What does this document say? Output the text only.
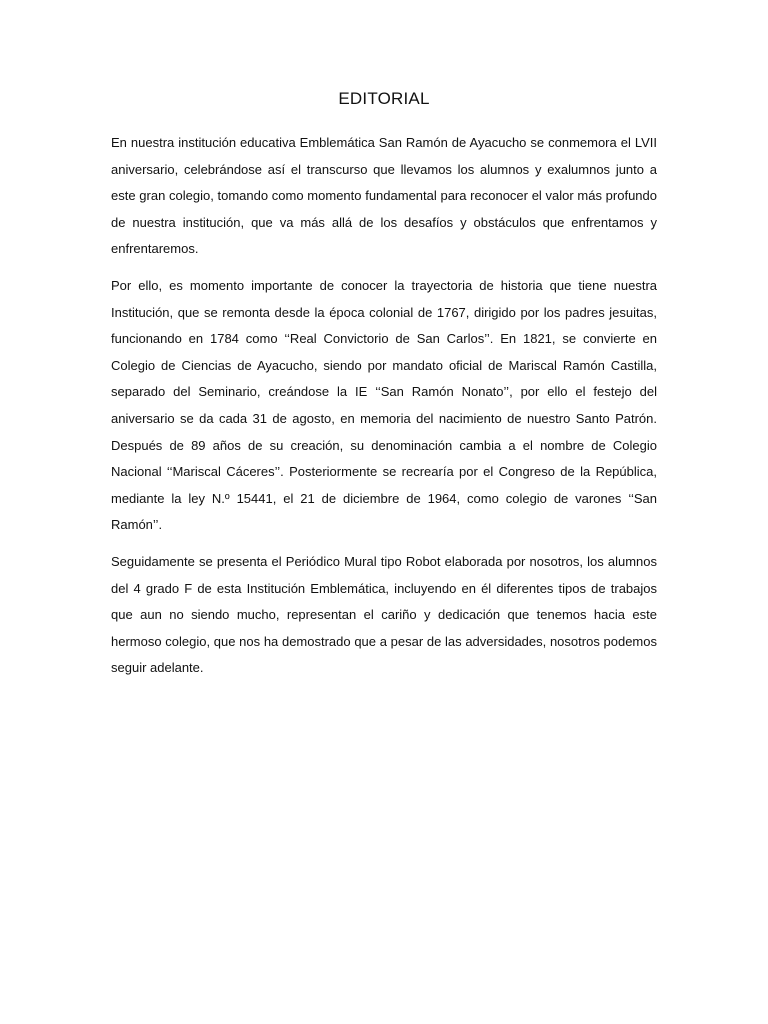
EDITORIAL

En nuestra institución educativa Emblemática San Ramón de Ayacucho se conmemora el LVII aniversario, celebrándose así el transcurso que llevamos los alumnos y exalumnos junto a este gran colegio, tomando como momento fundamental para reconocer el valor más profundo de nuestra institución, que va más allá de los desafíos y obstáculos que enfrentamos y enfrentaremos.

Por ello, es momento importante de conocer la trayectoria de historia que tiene nuestra Institución, que se remonta desde la época colonial de 1767, dirigido por los padres jesuitas, funcionando en 1784 como ‘‘Real Convictorio de San Carlos’’. En 1821, se convierte en Colegio de Ciencias de Ayacucho, siendo por mandato oficial de Mariscal Ramón Castilla, separado del Seminario, creándose la IE ‘‘San Ramón Nonato’’, por ello el festejo del aniversario se da cada 31 de agosto, en memoria del nacimiento de nuestro Santo Patrón. Después de 89 años de su creación, su denominación cambia a el nombre de Colegio Nacional ‘‘Mariscal Cáceres’’. Posteriormente se recrearía por el Congreso de la República, mediante la ley N.º 15441, el 21 de diciembre de 1964, como colegio de varones ‘‘San Ramón’’.

Seguidamente se presenta el Periódico Mural tipo Robot elaborada por nosotros, los alumnos del 4 grado F de esta Institución Emblemática, incluyendo en él diferentes tipos de trabajos que aun no siendo mucho, representan el cariño y dedicación que tenemos hacia este hermoso colegio, que nos ha demostrado que a pesar de las adversidades, nosotros podemos seguir adelante.
